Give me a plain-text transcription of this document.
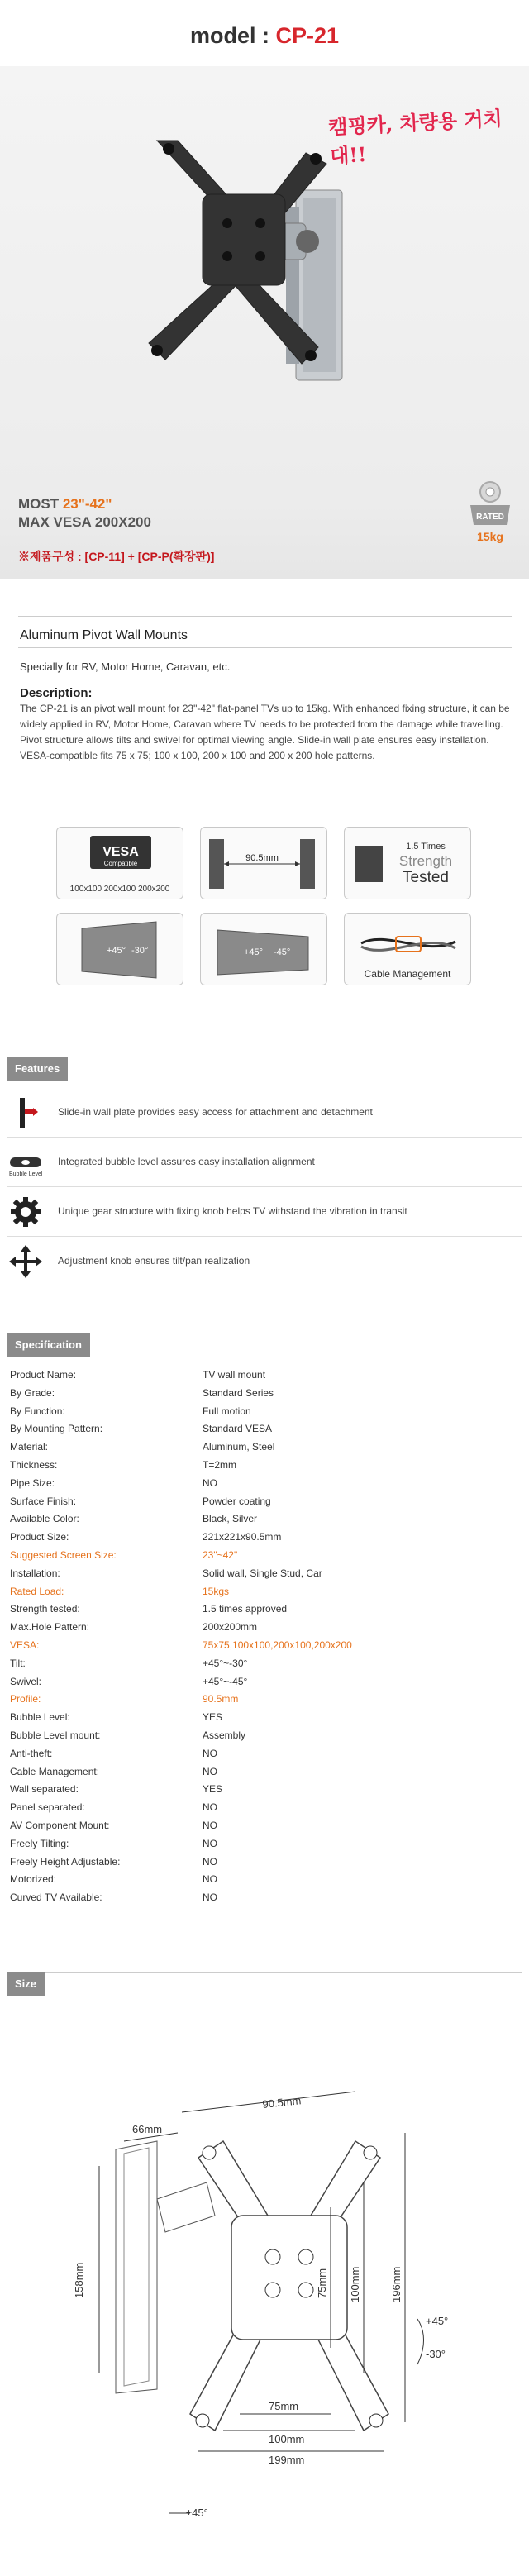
model : CP-21
캠핑카, 차량용 거치대!!
RATED
15kg
MOST 23"-42"
MAX VESA 200X200
※제품구성 : [CP-11] + [CP-P(확장판)]
Aluminum Pivot Wall Mounts
Specially for RV, Motor Home, Caravan, etc.
Description:
The CP-21 is an pivot wall mount for 23"-42" flat-panel TVs up to 15kg. With enhanced fixing structure, it can be widely applied in RV, Motor Home, Caravan where TV needs to be protected from the damage while travelling. Pivot structure allows tilts and swivel for optimal viewing angle. Slide-in wall plate ensures easy installation. VESA-compatible fits 75 x 75; 100 x 100, 200 x 100 and 200 x 200 hole patterns.
VESA
Compatible
100x100 200x100 200x200
90.5mm
1.5 Times
Strength
Tested
+45° -30°	+45° -45°
Cable Management
Features
Slide-in wall plate provides easy access for attachment and detachment
Bubble Level
Integrated bubble level assures easy installation alignment
Unique gear structure with fixing knob helps TV withstand the vibration in transit
Adjustment knob ensures tilt/pan realization
Specification
Product Name:	TV wall mount
By Grade:	Standard Series
By Function:	Full motion
By Mounting Pattern:	Standard VESA
Material:	Aluminum, Steel
Thickness:	T=2mm
Pipe Size:	NO
Surface Finish:	Powder coating
Available Color:	Black, Silver
Product Size:	221x221x90.5mm
Suggested Screen Size:	23"~42"
Installation:	Solid wall, Single Stud, Car
Rated Load:	15kgs
Strength tested:	1.5 times approved
Max.Hole Pattern:	200x200mm
VESA:	75x75,100x100,200x100,200x200
Tilt:	+45°~-30°
Swivel:	+45°~-45°
Profile:	90.5mm
Bubble Level:	YES
Bubble Level mount:	Assembly
Anti-theft:	NO
Cable Management:	NO
Wall separated:	YES
Panel separated:	NO
AV Component Mount:	NO
Freely Tilting:	NO
Freely Height Adjustable:	NO
Motorized:	NO
Curved TV Available:	NO
Size
90.5mm
66mm
158mm	75mm 100mm	196mm
+45°
-30°
75mm
100mm
199mm
±45°
